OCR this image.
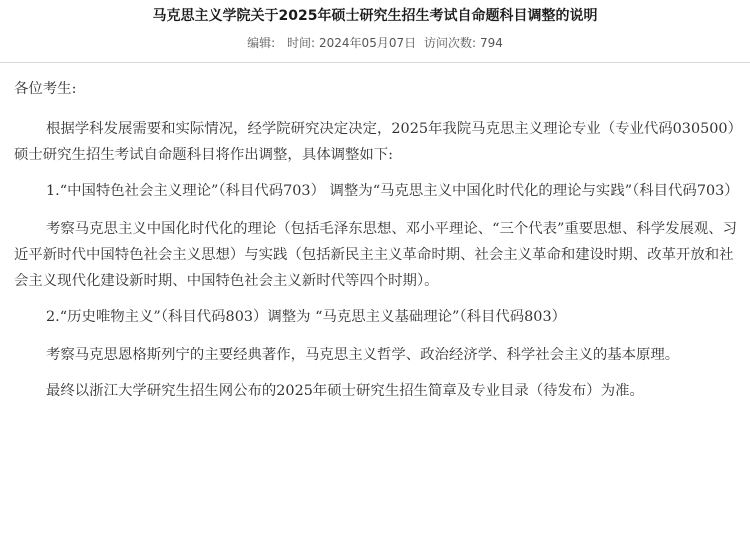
马克思主义学院关于2025年硕士研究生招生考试自命题科目调整的说明
编辑: 时间: 2024年05月07日 访问次数: 794

各位考生:

根据学科发展需要和实际情况，经学院研究决定决定，2025年我院马克思主义理论专业（专业代码030500）硕士研究生招生考试自命题科目将作出调整，具体调整如下:

1.“中国特色社会主义理论”（科目代码703） 调整为“马克思主义中国化时代化的理论与实践”（科目代码703）

考察马克思主义中国化时代化的理论（包括毛泽东思想、邓小平理论、“三个代表”重要思想、科学发展观、习近平新时代中国特色社会主义思想）与实践（包括新民主主义革命时期、社会主义革命和建设时期、改革开放和社会主义现代化建设新时期、中国特色社会主义新时代等四个时期）。

2.“历史唯物主义”（科目代码803）调整为 “马克思主义基础理论”（科目代码803）

考察马克思恩格斯列宁的主要经典著作，马克思主义哲学、政治经济学、科学社会主义的基本原理。

最终以浙江大学研究生招生网公布的2025年硕士研究生招生简章及专业目录（待发布）为准。
